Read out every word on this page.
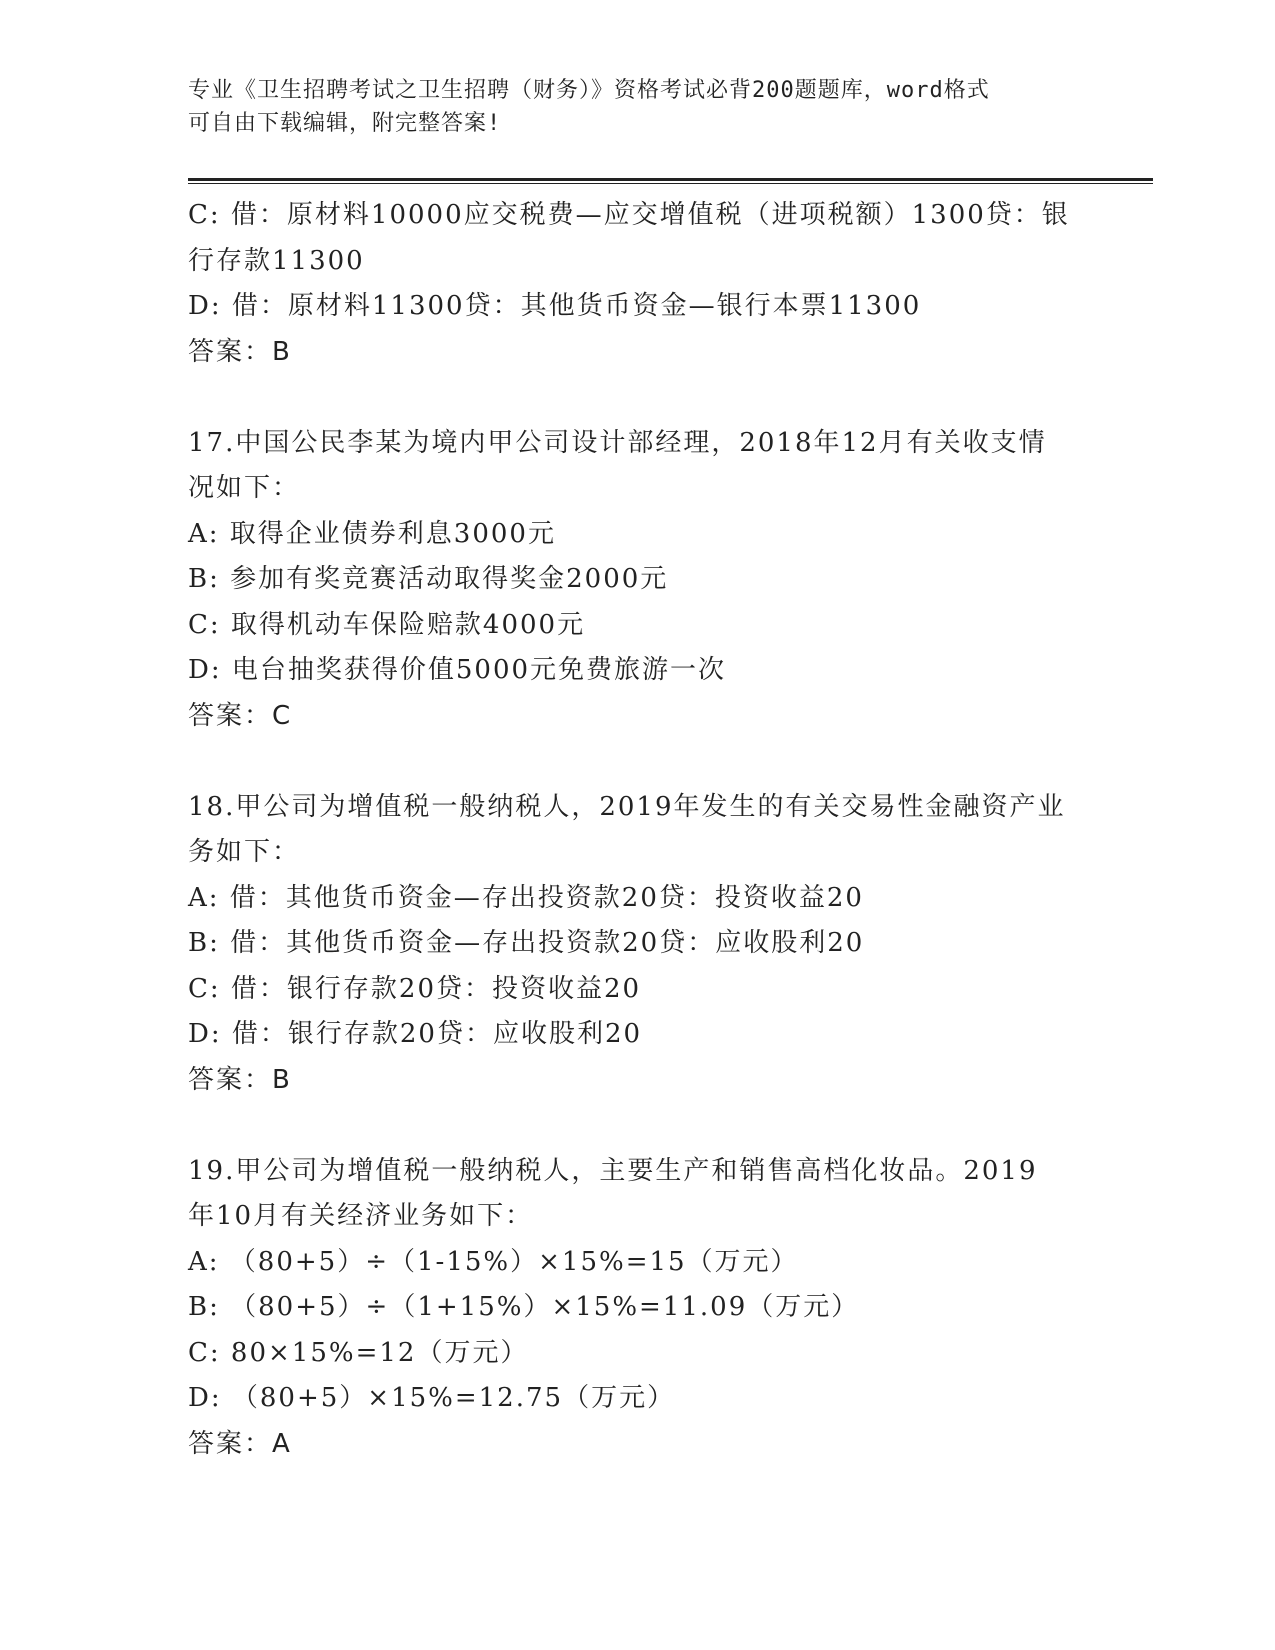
专业《卫生招聘考试之卫生招聘（财务）》资格考试必背200题题库，word格式
可自由下载编辑，附完整答案!
C: 借：原材料10000应交税费—应交增值税（进项税额）1300贷：银
行存款11300
D: 借：原材料11300贷：其他货币资金—银行本票11300
答案：B
17.中国公民李某为境内甲公司设计部经理，2018年12月有关收支情
况如下：
A: 取得企业债券利息3000元
B: 参加有奖竞赛活动取得奖金2000元
C: 取得机动车保险赔款4000元
D: 电台抽奖获得价值5000元免费旅游一次
答案：C
18.甲公司为增值税一般纳税人，2019年发生的有关交易性金融资产业
务如下：
A: 借：其他货币资金—存出投资款20贷：投资收益20
B: 借：其他货币资金—存出投资款20贷：应收股利20
C: 借：银行存款20贷：投资收益20
D: 借：银行存款20贷：应收股利20
答案：B
19.甲公司为增值税一般纳税人，主要生产和销售高档化妆品。2019
年10月有关经济业务如下：
A: （80+5）÷（1-15%）×15%=15（万元）
B: （80+5）÷（1+15%）×15%=11.09（万元）
C: 80×15%=12（万元）
D: （80+5）×15%=12.75（万元）
答案：A
